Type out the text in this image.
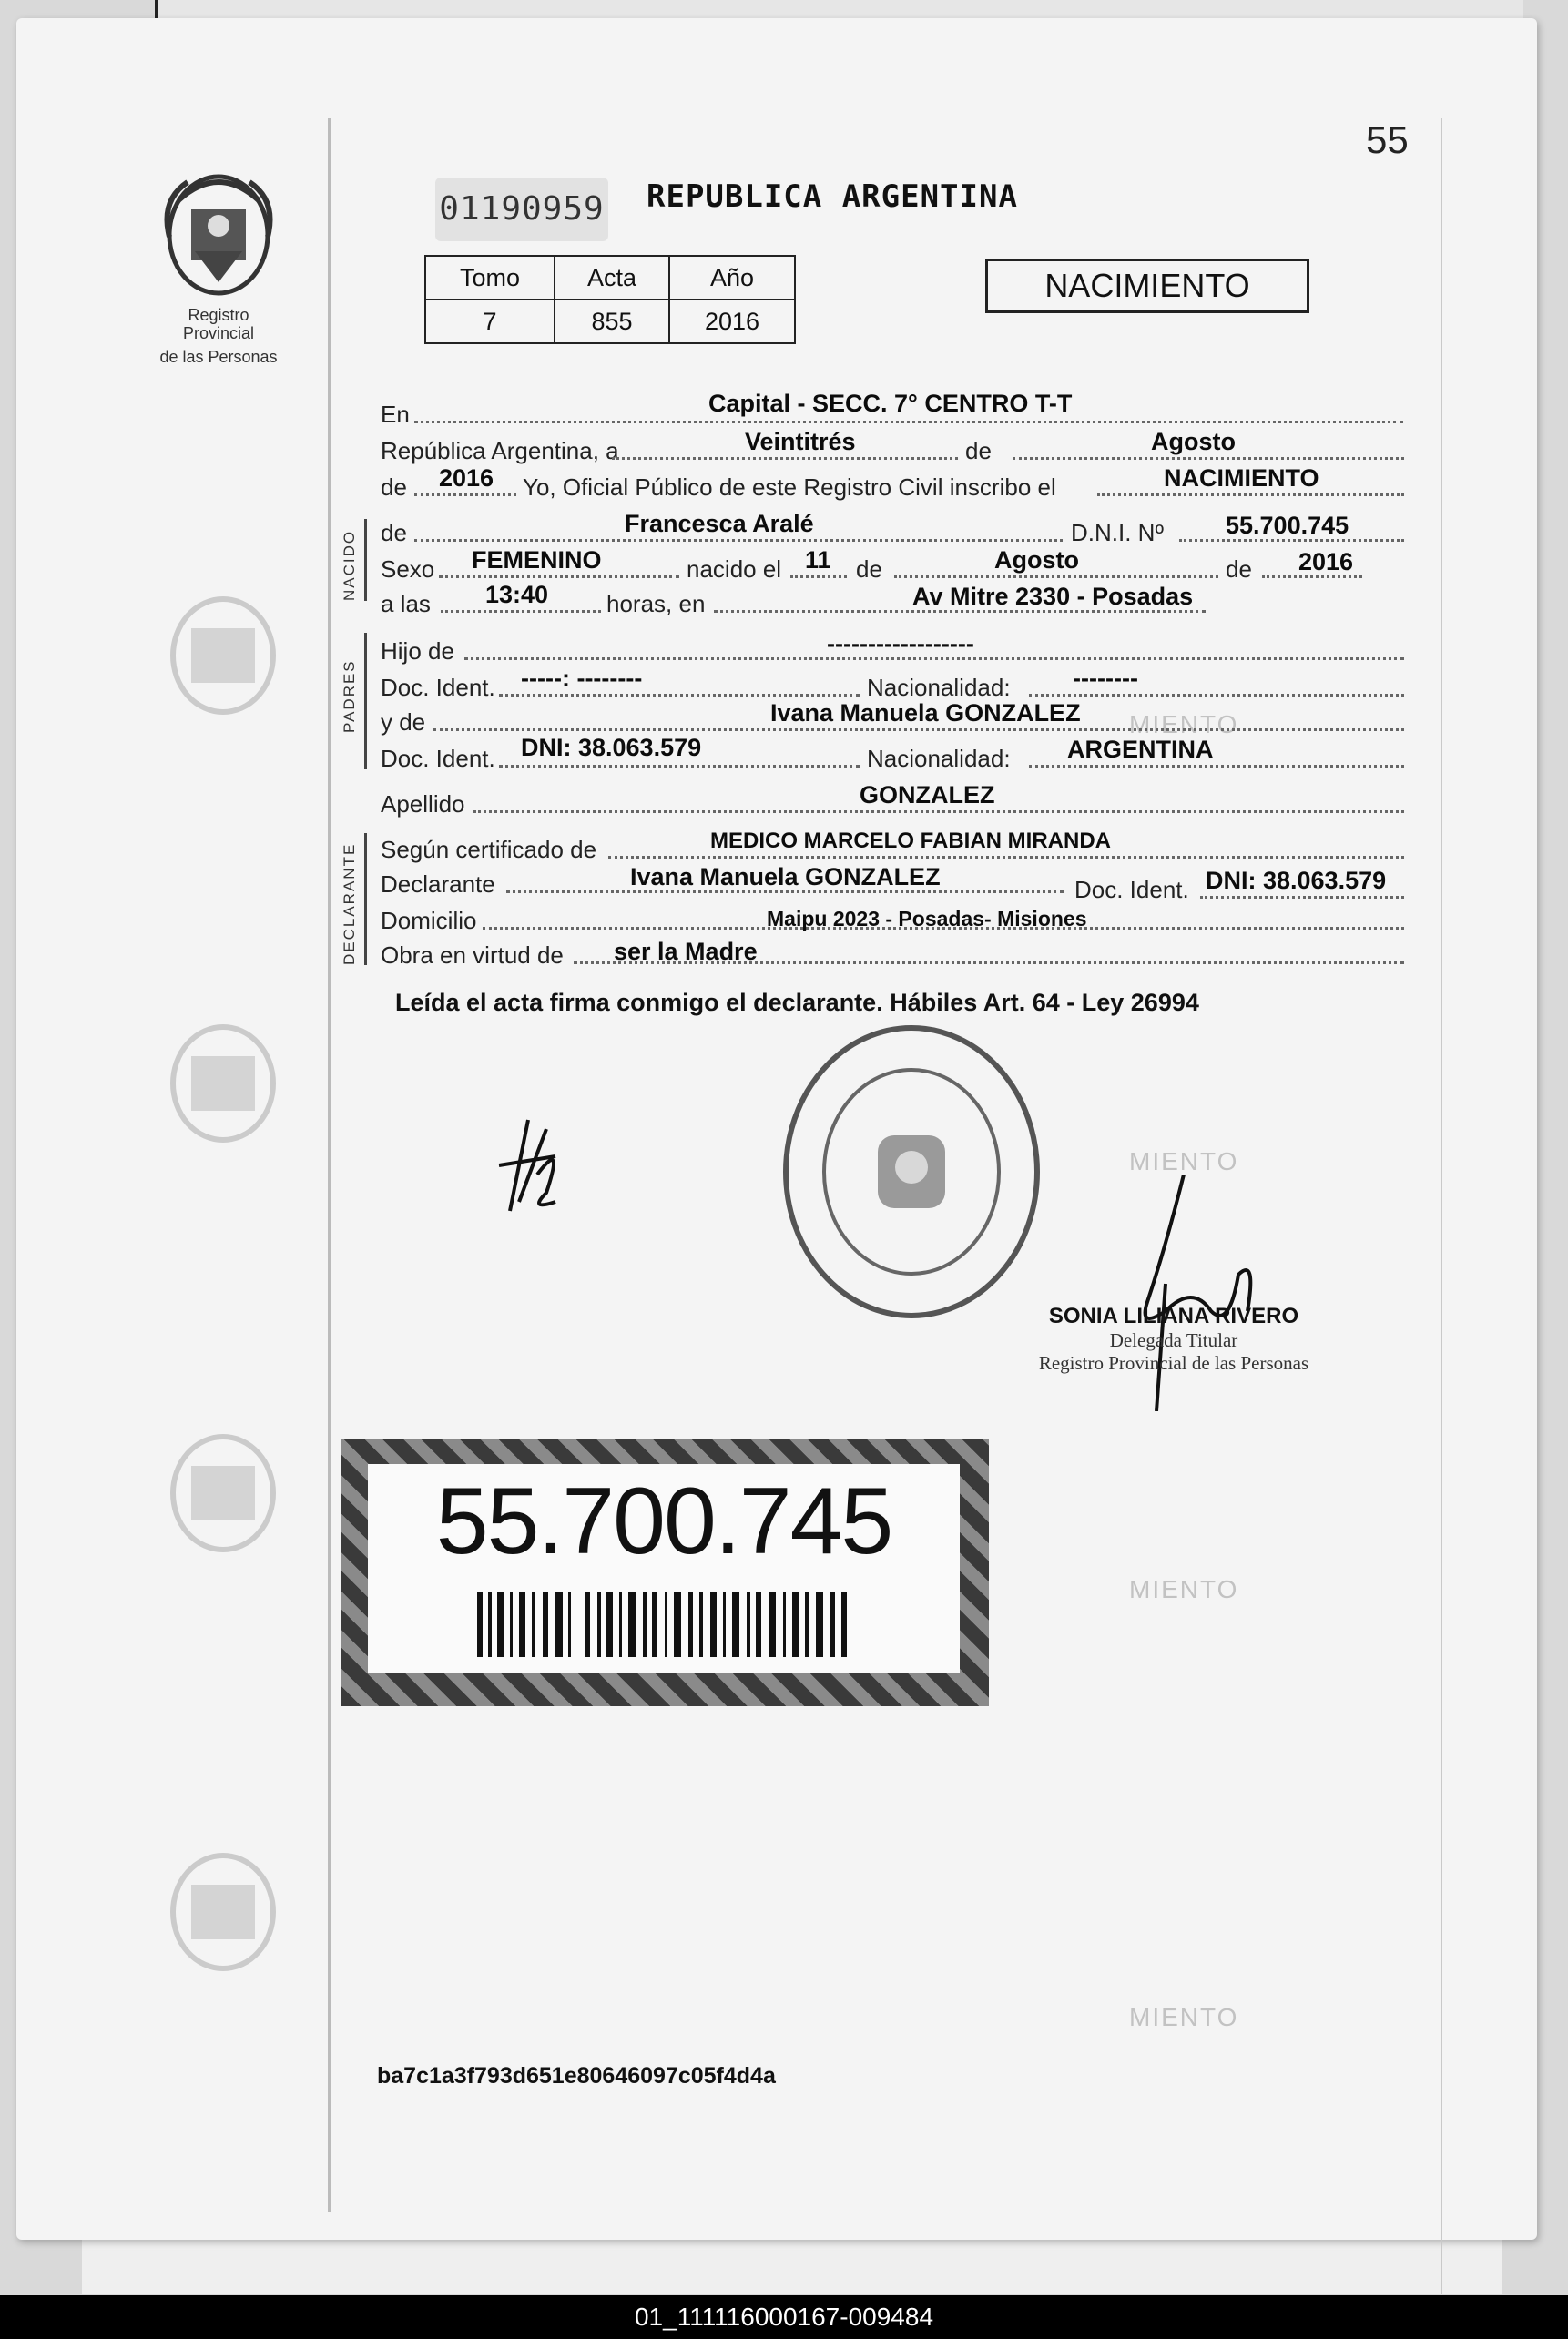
MIENTO
MIENTO
MIENTO
MIENTO
Registro Provincial
de las Personas
55
01190959 REPUBLICA ARGENTINA
Tomo	Acta	Año
7	855	2016
NACIMIENTO
NACIDO
PADRES
DECLARANTE
En	Capital - SECC. 7° CENTRO T-T
República Argentina, a	Veintitrés	de	Agosto
de 2016 Yo, Oficial Público de este Registro Civil inscribo el	NACIMIENTO
de	Francesca Aralé	D.N.I. Nº	55.700.745
Sexo FEMENINO	nacido el 11 de	Agosto	de 2016
a las 13:40 horas, en	Av Mitre 2330 - Posadas
Hijo de	------------------
Doc. Ident. -----: --------	Nacionalidad:	--------
y de	Ivana Manuela GONZALEZ
Doc. Ident. DNI: 38.063.579	Nacionalidad: ARGENTINA
Apellido	GONZALEZ
Según certificado de	MEDICO MARCELO FABIAN MIRANDA
Declarante	Ivana Manuela GONZALEZ	Doc. Ident. DNI: 38.063.579
Domicilio	Maipu 2023 - Posadas- Misiones
Obra en virtud de ser la Madre
Leída el acta firma conmigo el declarante. Hábiles Art. 64 - Ley 26994
SONIA LILIANA RIVERO
Delegada Titular
Registro Provincial de las Personas
55.700.745
ba7c1a3f793d651e80646097c05f4d4a
01_111116000167-009484
